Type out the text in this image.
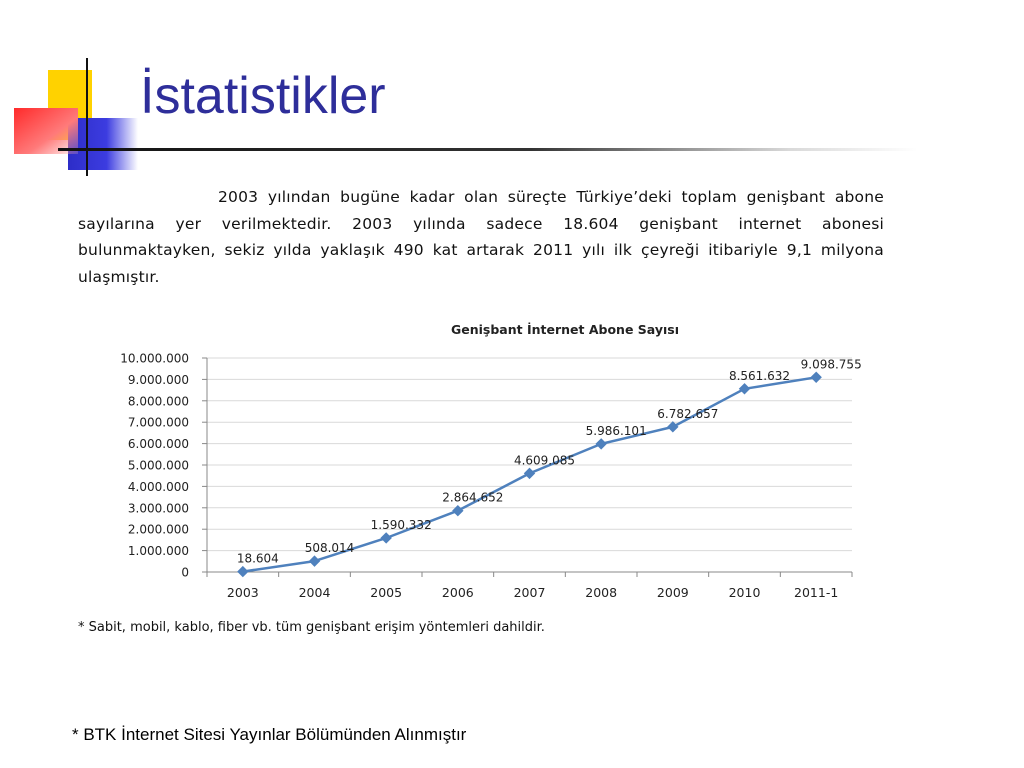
İstatistikler
2003 yılından bugüne kadar olan süreçte Türkiye’deki toplam genişbant abone sayılarına yer verilmektedir. 2003 yılında sadece 18.604 genişbant internet abonesi bulunmaktayken, sekiz yılda yaklaşık 490 kat artarak 2011 yılı ilk çeyreği itibariyle 9,1 milyona ulaşmıştır.
Genişbant İnternet Abone Sayısı
0
1.000.000
2.000.000
3.000.000
4.000.000
5.000.000
6.000.000
7.000.000
8.000.000
9.000.000
10.000.000
2003	2004	2005	2006	2007	2008	2009	2010	2011-1
18.604
508.014
1.590.332
2.864.652
4.609.085
5.986.101
6.782.657
8.561.632
9.098.755
* Sabit, mobil, kablo, fiber vb. tüm genişbant erişim yöntemleri dahildir.
* BTK İnternet Sitesi Yayınlar Bölümünden Alınmıştır
